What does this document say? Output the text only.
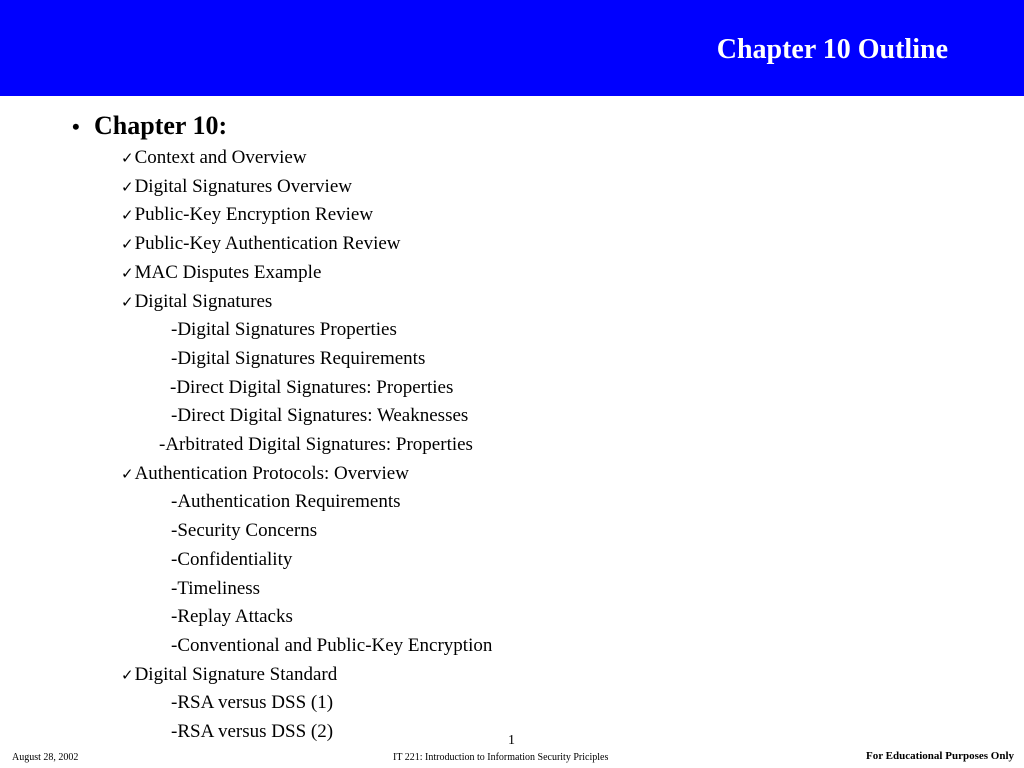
Chapter 10 Outline
• Chapter 10:
✓Context and Overview
✓Digital Signatures Overview
✓Public-Key Encryption Review
✓Public-Key Authentication Review
✓MAC Disputes Example
✓Digital Signatures
-Digital Signatures Properties
-Digital Signatures Requirements
-Direct Digital Signatures: Properties
-Direct Digital Signatures: Weaknesses
-Arbitrated Digital Signatures: Properties
✓Authentication Protocols: Overview
-Authentication Requirements
-Security Concerns
-Confidentiality
-Timeliness
-Replay Attacks
-Conventional and Public-Key Encryption
✓Digital Signature Standard
-RSA versus DSS (1)
-RSA versus DSS (2)	1
August 28, 2002	IT 221: Introduction to Information Security Priciples	For Educational Purposes Only
